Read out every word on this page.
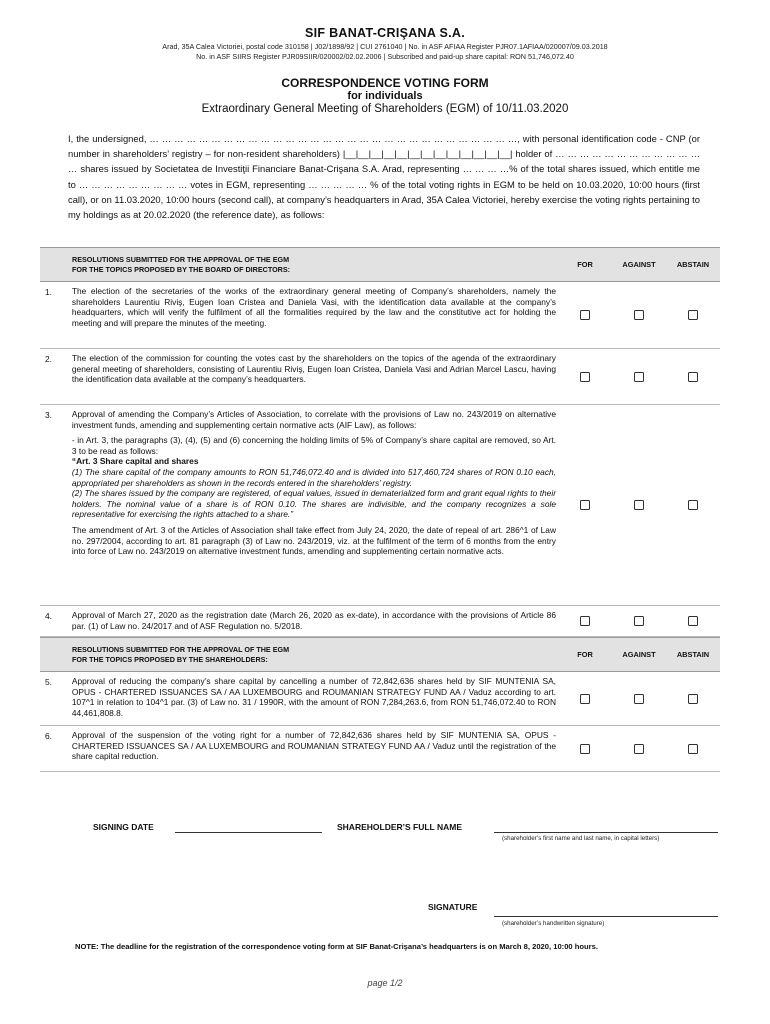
SIF BANAT-CRIŞANA S.A.
Arad, 35A Calea Victoriei, postal code 310158 | J02/1898/92 | CUI 2761040 | No. in ASF AFIAA Register PJR07.1AFIAA/020007/09.03.2018
No. in ASF SIIRS Register PJR09SIIR/020002/02.02.2006 | Subscribed and paid-up share capital: RON 51,746,072.40
CORRESPONDENCE VOTING FORM
for individuals
Extraordinary General Meeting of Shareholders (EGM) of 10/11.03.2020

I, the undersigned, … … … … … … … … … … … … … … … … … … … … … … … … … … … … … …, with personal identification code - CNP (or number in shareholders’ registry – for non-resident shareholders) |__|__|__|__|__|__|__|__|__|__|__|__|__| holder of … … … … … … … … … … … … … shares issued by Societatea de Investiţii Financiare Banat-Crişana S.A. Arad, representing … … … …% of the total shares issued, which entitle me to … … … … … … … … … votes in EGM, representing … … … … … % of the total voting rights in EGM to be held on 10.03.2020, 10:00 hours (first call), or on 11.03.2020, 10:00 hours (second call), at company’s headquarters in Arad, 35A Calea Victoriei, hereby exercise the voting rights pertaining to my holdings as at 20.02.2020 (the reference date), as follows:

RESOLUTIONS SUBMITTED FOR THE APPROVAL OF THE EGM
FOR THE TOPICS PROPOSED BY THE BOARD OF DIRECTORS:	FOR	AGAINST	ABSTAIN
1.	The election of the secretaries of the works of the extraordinary general meeting of Company’s shareholders, namely the shareholders Laurentiu Riviş, Eugen Ioan Cristea and Daniela Vasi, with the identification data available at the company’s headquarters, which will verify the fulfilment of all the formalities required by the law and the constitutive act for holding the meeting and will prepare the minutes of the meeting.

2.	The election of the commission for counting the votes cast by the shareholders on the topics of the agenda of the extraordinary general meeting of shareholders, consisting of Laurentiu Riviş, Eugen Ioan Cristea, Daniela Vasi and Adrian Marcel Lascu, having the identification data available at the company’s headquarters.

3.	Approval of amending the Company’s Articles of Association, to correlate with the provisions of Law no. 243/2019 on alternative investment funds, amending and supplementing certain normative acts (AIF Law), as follows:

- in Art. 3, the paragraphs (3), (4), (5) and (6) concerning the holding limits of 5% of Company’s share capital are removed, so Art. 3 to be read as follows:
“Art. 3 Share capital and shares
(1) The share capital of the company amounts to RON 51,746,072.40 and is divided into 517,460,724 shares of RON 0.10 each, appropriated per shareholders as shown in the records entered in the shareholders’ registry.
(2) The shares issued by the company are registered, of equal values, issued in dematerialized form and grant equal rights to their holders. The nominal value of a share is of RON 0.10. The shares are indivisible, and the company recognizes a sole representative for exercising the rights attached to a share.”

The amendment of Art. 3 of the Articles of Association shall take effect from July 24, 2020, the date of repeal of art. 286^1 of Law no. 297/2004, according to art. 81 paragraph (3) of Law no. 243/2019, viz. at the fulfilment of the term of 6 months from the entry into force of Law no. 243/2019 on alternative investment funds, amending and supplementing certain normative acts.

4.	Approval of March 27, 2020 as the registration date (March 26, 2020 as ex-date), in accordance with the provisions of Article 86 par. (1) of Law no. 24/2017 and of ASF Regulation no. 5/2018.

RESOLUTIONS SUBMITTED FOR THE APPROVAL OF THE EGM
FOR THE TOPICS PROPOSED BY THE SHAREHOLDERS:	FOR	AGAINST	ABSTAIN
5.	Approval of reducing the company’s share capital by cancelling a number of 72,842,636 shares held by SIF MUNTENIA SA, OPUS - CHARTERED ISSUANCES SA / AA LUXEMBOURG and ROUMANIAN STRATEGY FUND AA / Vaduz according to art. 107^1 in relation to 104^1 par. (3) of Law no. 31 / 1990R, with the amount of RON 7,284,263.6, from RON 51,746,072.40 to RON 44,461,808.8.

6.	Approval of the suspension of the voting right for a number of 72,842,636 shares held by SIF MUNTENIA SA, OPUS - CHARTERED ISSUANCES SA / AA LUXEMBOURG and ROUMANIAN STRATEGY FUND AA / Vaduz until the registration of the share capital reduction.

SIGNING DATE	SHAREHOLDER’S FULL NAME
(shareholder’s first name and last name, in capital letters)
SIGNATURE
(shareholder’s handwritten signature)
NOTE: The deadline for the registration of the correspondence voting form at SIF Banat-Crişana’s headquarters is on March 8, 2020, 10:00 hours.
page 1/2
